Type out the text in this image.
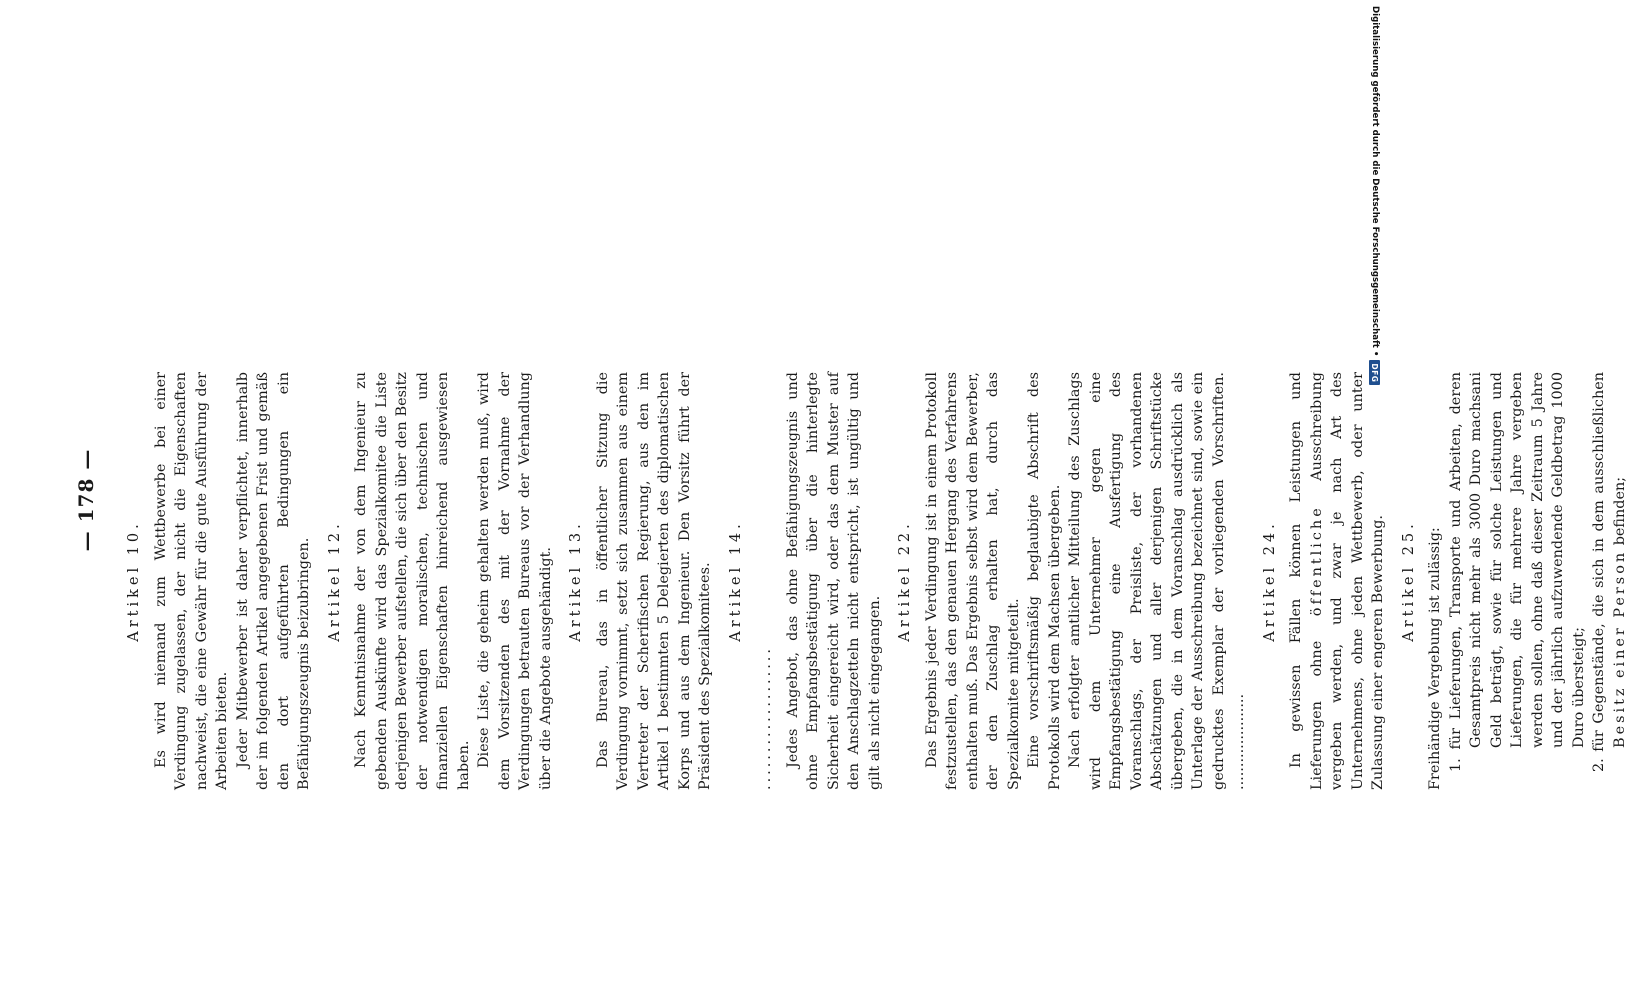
— 178 —
Artikel 10. Es wird niemand zum Wettbewerbe bei einer Verdingung zugelassen, der nicht die Eigenschaften nachweist, die eine Gewähr für die gute Ausführung der Arbeiten bieten. Jeder Mitbewerber ist daher verpflichtet, innerhalb der im folgenden Artikel angegebenen Frist und gemäß den dort aufgeführten Bedingungen ein Befähigungszeugnis beizubringen. Artikel 12. Nach Kenntnisnahme der von dem Ingenieur zu gebenden Auskünfte wird das Spezialkomitee die Liste derjenigen Bewerber aufstellen, die sich über den Besitz der notwendigen moralischen, technischen und finanziellen Eigenschaften hinreichend ausgewiesen haben. Diese Liste, die geheim gehalten werden muß, wird dem Vorsitzenden des mit der Vornahme der Verdingungen betrauten Bureaus vor der Verhandlung über die Angebote ausgehändigt. Artikel 13. Das Bureau, das in öffentlicher Sitzung die Verdingung vornimmt, setzt sich zusammen aus einem Vertreter der Scherifischen Regierung, aus den im Artikel 1 bestimmten 5 Delegierten des diplomatischen Korps und aus dem Ingenieur. Den Vorsitz führt der Präsident des Spezialkomitees. Artikel 14.
................... Jedes Angebot, das ohne Befähigungszeugnis und ohne Empfangsbestätigung über die hinterlegte Sicherheit eingereicht wird, oder das dem Muster auf den Anschlagzetteln nicht entspricht, ist ungültig und gilt als nicht eingegangen.

Artikel 22. Das Ergebnis jeder Verdingung ist in einem Protokoll festzustellen, das den genauen Hergang des Verfahrens enthalten muß. Das Ergebnis selbst wird dem Bewerber, der den Zuschlag erhalten hat, durch das Spezialkomitee mitgeteilt. Eine vorschriftsmäßig beglaubigte Abschrift des Protokolls wird dem Machsen übergeben. Nach erfolgter amtlicher Mitteilung des Zuschlags wird dem Unternehmer gegen eine Empfangsbestätigung eine Ausfertigung des Voranschlags, der Preisliste, der vorhandenen Abschätzungen und aller derjenigen Schriftstücke übergeben, die in dem Voranschlag ausdrücklich als Unterlage der Ausschreibung bezeichnet sind, sowie ein gedrucktes Exemplar der vorliegenden Vorschriften. .....................

Artikel 24. In gewissen Fällen können Leistungen und Lieferungen ohne öffentliche Ausschreibung vergeben werden, und zwar je nach Art des Unternehmens, ohne jeden Wettbewerb, oder unter Zulassung einer engeren Bewerbung. Artikel 25. Freihändige Vergebung ist zulässig: 1. für Lieferungen, Transporte und Arbeiten, deren Gesamtpreis nicht mehr als 3000 Duro machsani Geld beträgt, sowie für solche Leistungen und Lieferungen, die für mehrere Jahre vergeben werden sollen, ohne daß dieser Zeitraum 5 Jahre und der jährlich aufzuwendende Geldbetrag 1000 Duro übersteigt; 2. für Gegenstände, die sich in dem ausschließlichen Besitz einer Person befinden;
Digitalisierung gefördert durch die Deutsche Forschungsgemeinschaft •
DFG
